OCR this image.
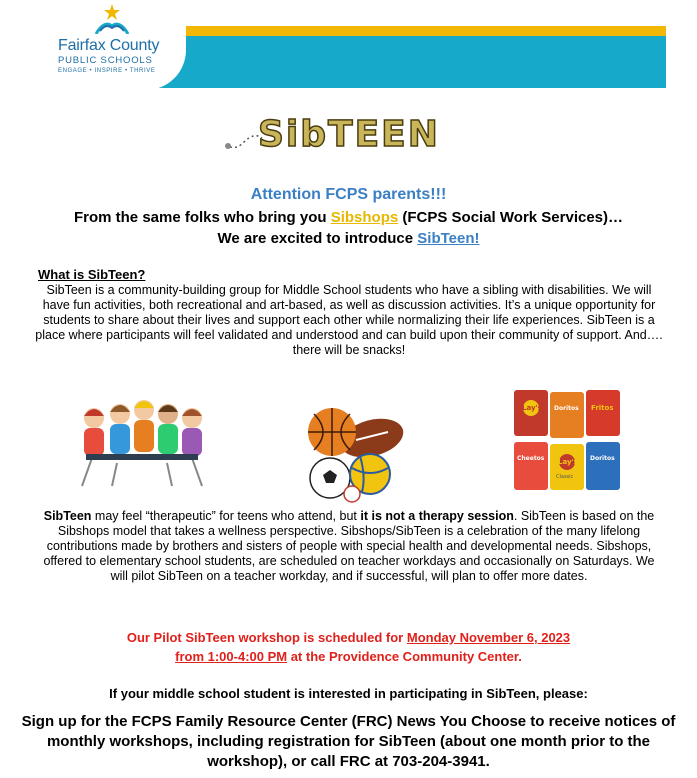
Fairfax County
PUBLIC SCHOOLS
ENGAGE • INSPIRE • THRIVE
SibTEEN
Attention FCPS parents!!!
From the same folks who bring you Sibshops (FCPS Social Work Services)…
We are excited to introduce SibTeen!
What is SibTeen?
SibTeen is a community-building group for Middle School students who have a sibling with disabilities. We will have fun activities, both recreational and art-based, as well as discussion activities. It’s a unique opportunity for students to share about their lives and support each other while normalizing their life experiences. SibTeen is a place where participants will feel validated and understood and can build upon their community of support. And…. there will be snacks!
Lay's Doritos Fritos
Cheetos Lay's
Classic
Doritos
SibTeen may feel “therapeutic” for teens who attend, but it is not a therapy session. SibTeen is based on the Sibshops model that takes a wellness perspective. Sibshops/SibTeen is a celebration of the many lifelong contributions made by brothers and sisters of people with special health and developmental needs. Sibshops, offered to elementary school students, are scheduled on teacher workdays and occasionally on Saturdays. We will pilot SibTeen on a teacher workday, and if successful, will plan to offer more dates.
Our Pilot SibTeen workshop is scheduled for Monday November 6, 2023
from 1:00-4:00 PM at the Providence Community Center.
If your middle school student is interested in participating in SibTeen, please:
Sign up for the FCPS Family Resource Center (FRC) News You Choose to receive notices of monthly workshops, including registration for SibTeen (about one month prior to the workshop), or call FRC at 703-204-3941.
